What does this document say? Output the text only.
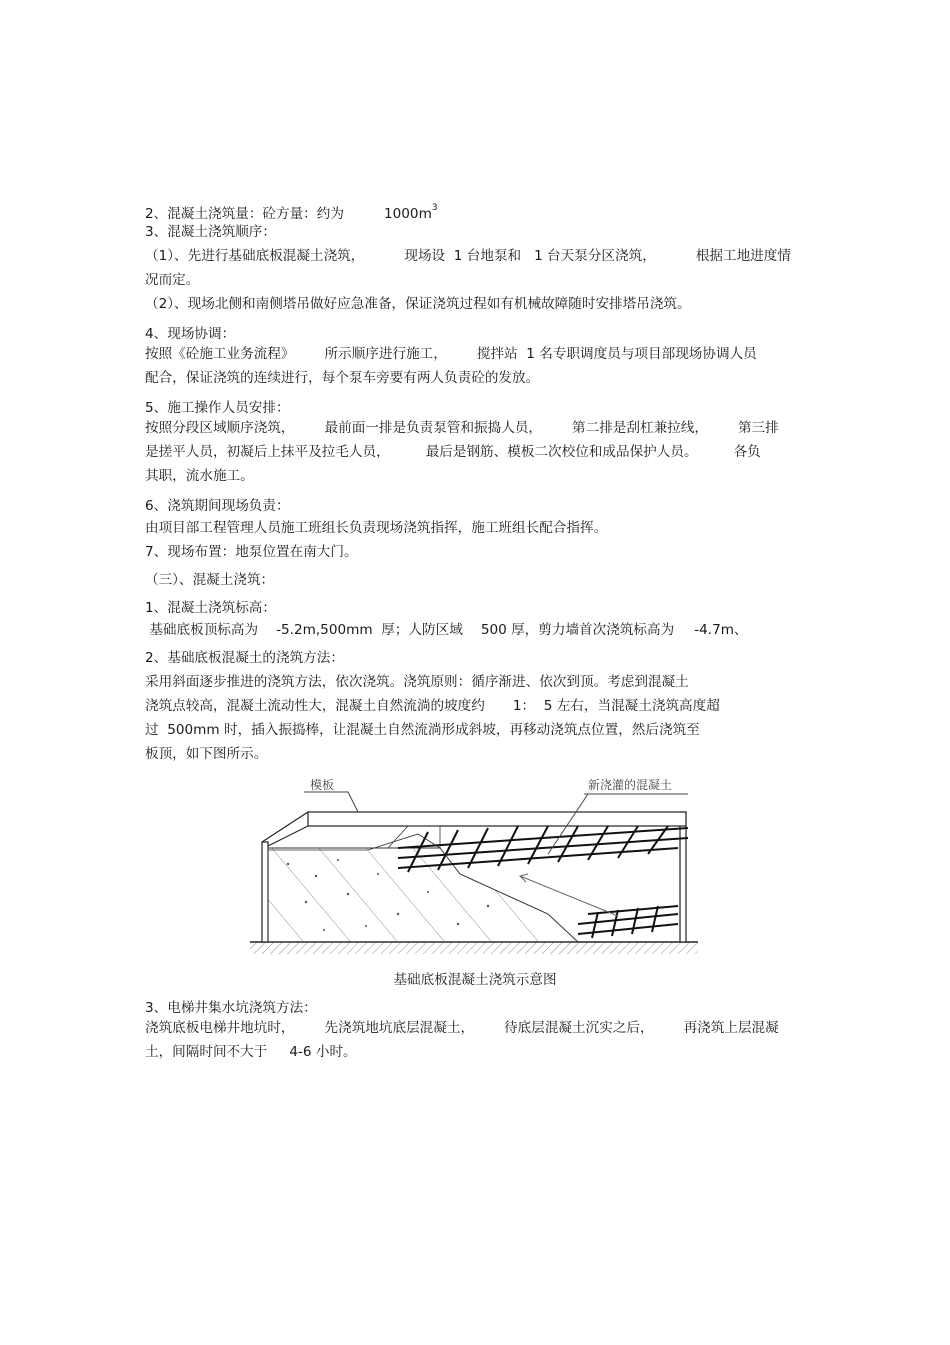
2、混凝土浇筑量：砼方量：约为	$1000m^3$
3、混凝土浇筑顺序：
（1）、先进行基础底板混凝土浇筑，	现场设  1 台地泵和   1 台天泵分区浇筑，	根据工地进度情
况而定。
（2）、现场北侧和南侧塔吊做好应急准备，保证浇筑过程如有机械故障随时安排塔吊浇筑。
4、现场协调：
按照《砼施工业务流程》 所示顺序进行施工， 搅拌站  1 名专职调度员与项目部现场协调人员
配合，保证浇筑的连续进行，每个泵车旁要有两人负责砼的发放。
5、施工操作人员安排：
按照分段区域顺序浇筑， 最前面一排是负责泵管和振捣人员， 第二排是刮杠兼拉线， 第三排
是搓平人员，初凝后上抹平及拉毛人员，	最后是钢筋、模板二次校位和成品保护人员。	各负
其职，流水施工。
6、浇筑期间现场负责：
由项目部工程管理人员施工班组长负责现场浇筑指挥，施工班组长配合指挥。
7、现场布置：地泵位置在南大门。
（三）、混凝土浇筑：
1、混凝土浇筑标高：
基础底板顶标高为 -5.2m,500mm  厚；人防区域 500 厚，剪力墙首次浇筑标高为 -4.7m、
2、基础底板混凝土的浇筑方法：
采用斜面逐步推进的浇筑方法，依次浇筑。浇筑原则：循序渐进、依次到顶。考虑到混凝土
浇筑点较高，混凝土流动性大，混凝土自然流淌的坡度约 1：  5 左右，当混凝土浇筑高度超
过  500mm 时，插入振捣棒，让混凝土自然流淌形成斜坡，再移动浇筑点位置，然后浇筑至
板顶，如下图所示。
模板	新浇灌的混凝土
基础底板混凝土浇筑示意图
3、电梯井集水坑浇筑方法：
浇筑底板电梯井地坑时， 先浇筑地坑底层混凝土， 待底层混凝土沉实之后， 再浇筑上层混凝
土，间隔时间不大于 4-6 小时。
